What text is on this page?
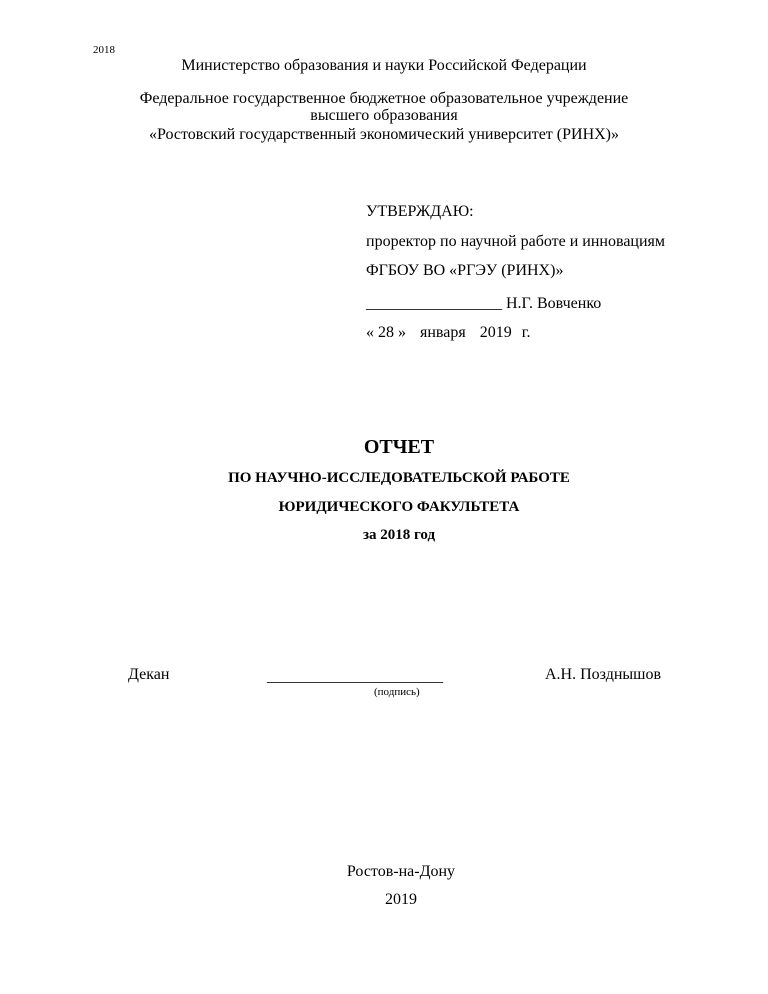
2018
Министерство образования и науки Российской Федерации
Федеральное государственное бюджетное образовательное учреждение
высшего образования
«Ростовский государственный экономический университет (РИНХ)»
УТВЕРЖДАЮ:
проректор по научной работе и инновациям
ФГБОУ ВО «РГЭУ (РИНХ)»
_________________ Н.Г. Вовченко
« 28 » января 2019 г.
ОТЧЕТ
ПО НАУЧНО-ИССЛЕДОВАТЕЛЬСКОЙ РАБОТЕ
ЮРИДИЧЕСКОГО ФАКУЛЬТЕТА
за 2018 год
Декан	______________________
(подпись)
А.Н. Позднышов
Ростов-на-Дону
2019
